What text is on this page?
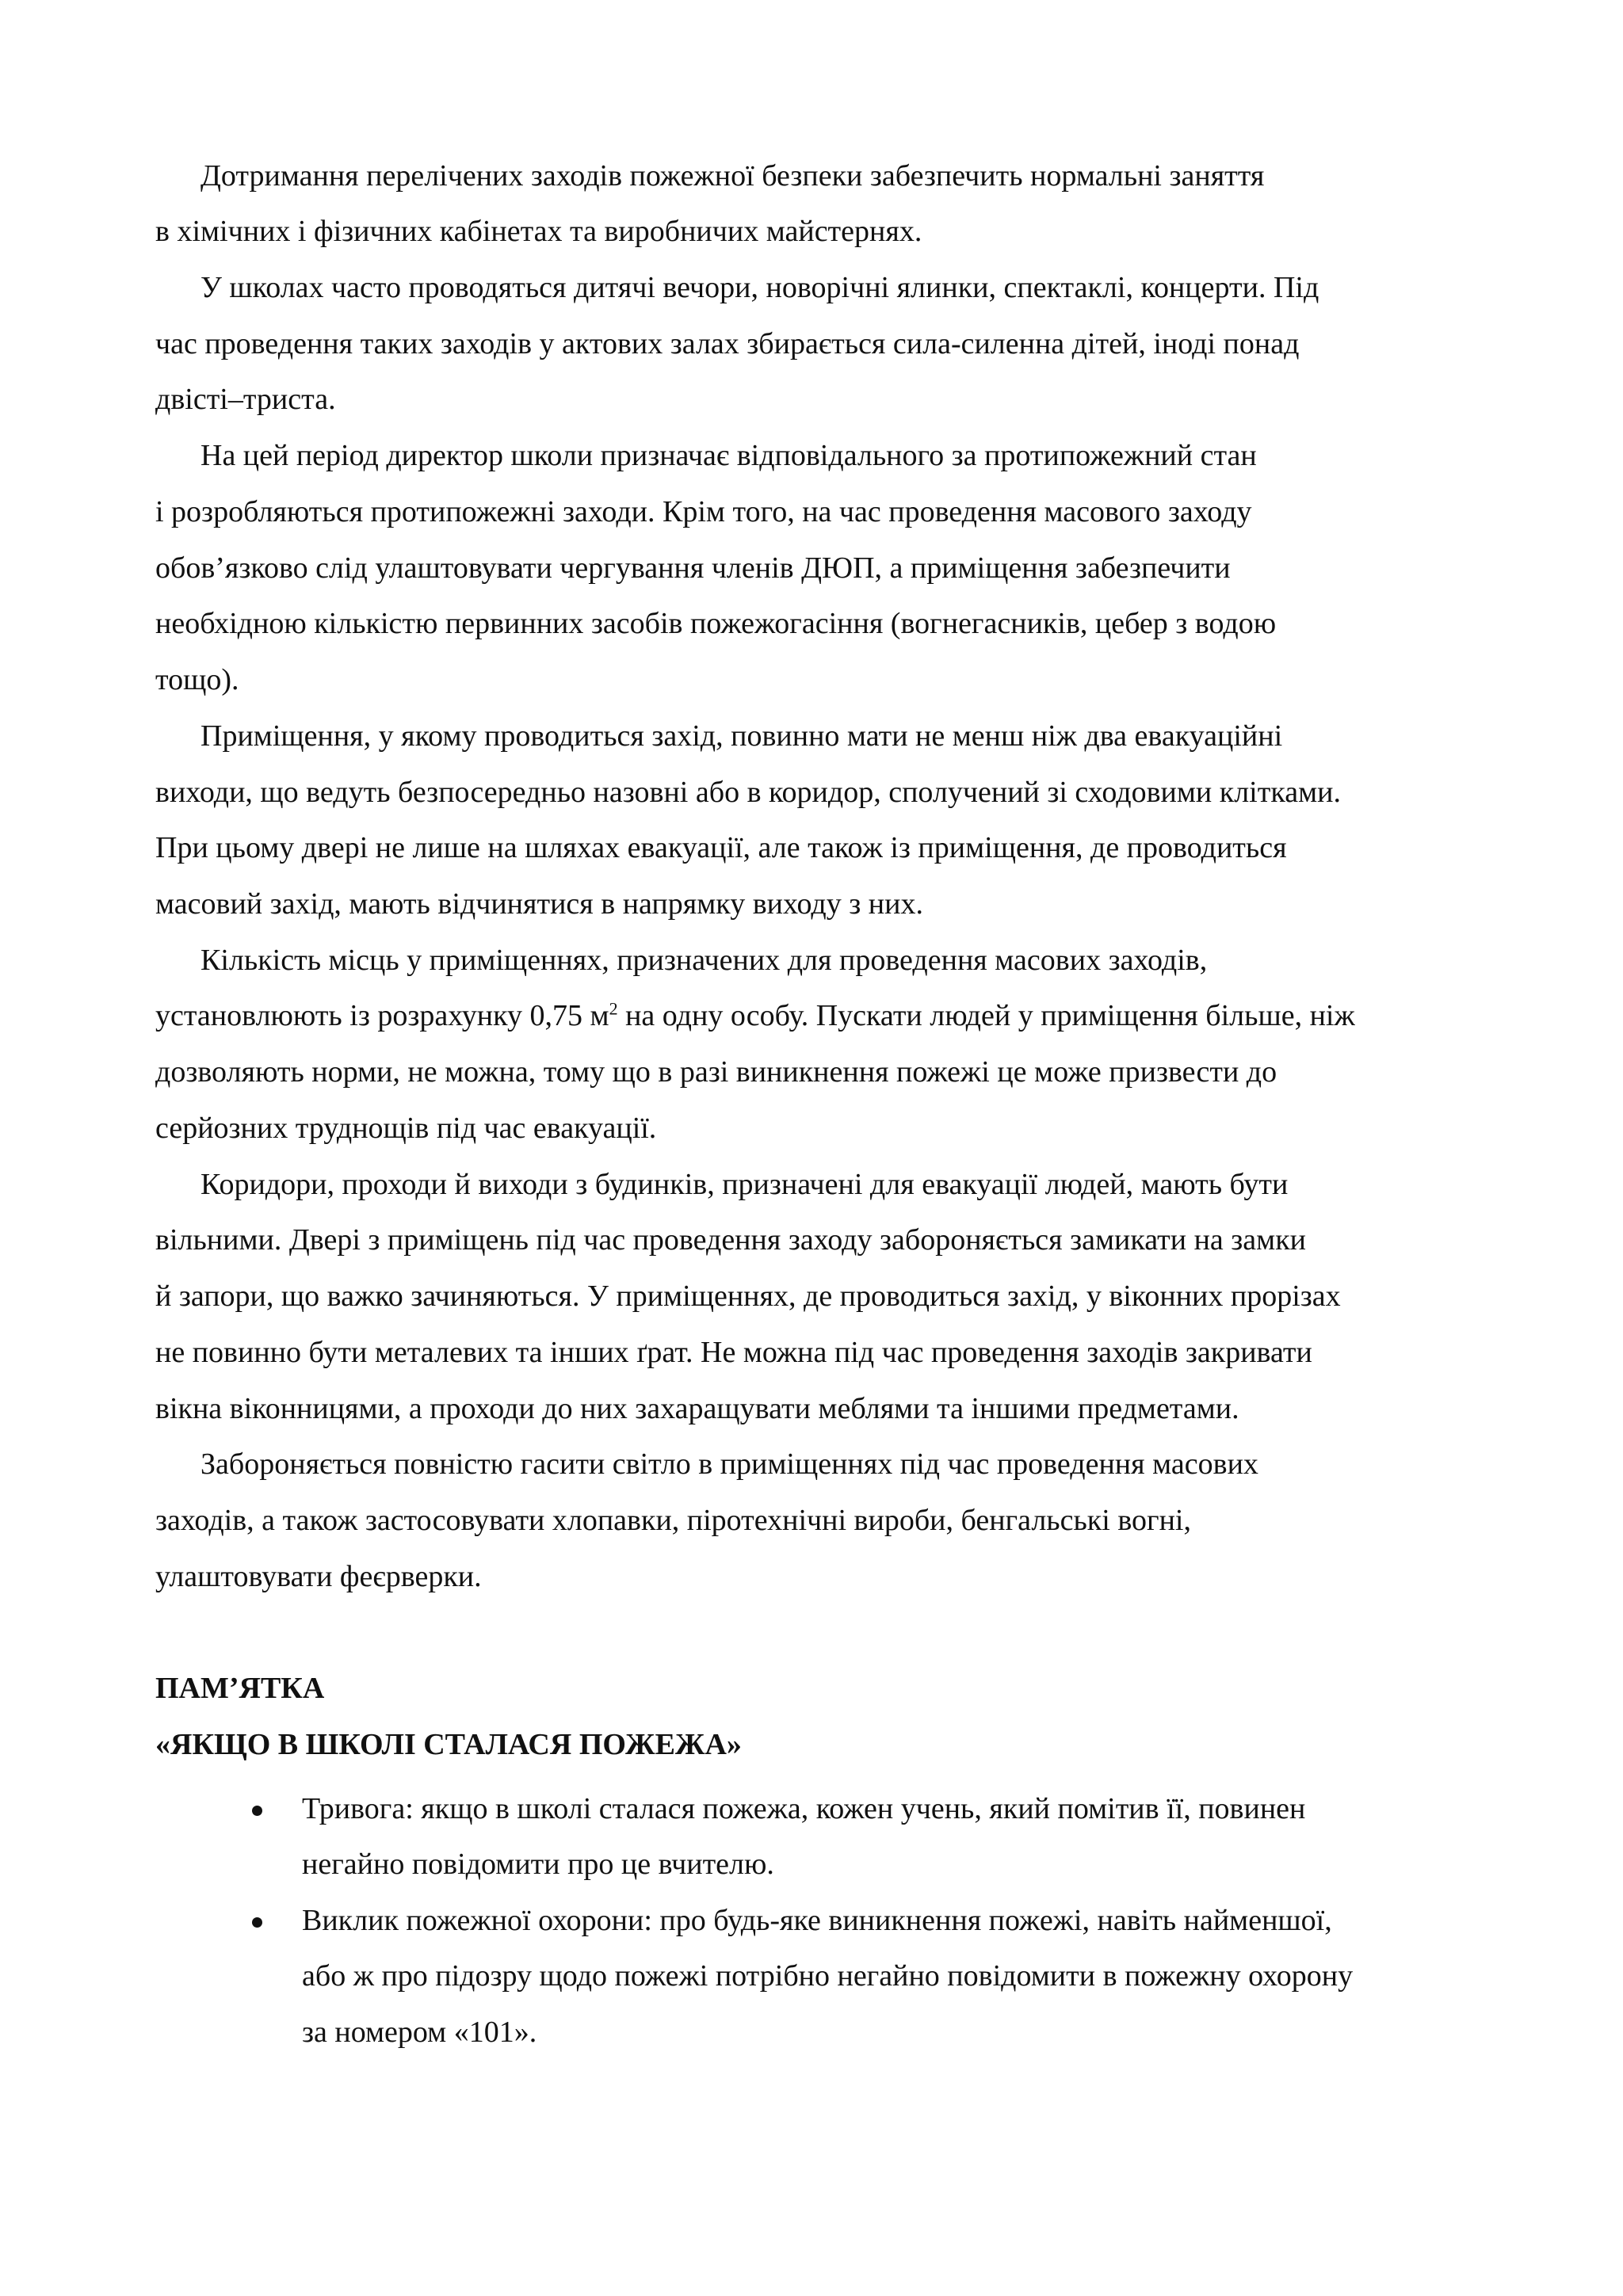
Дотримання перелічених заходів пожежної безпеки забезпечить нормальні заняття
в хімічних і фізичних кабінетах та виробничих майстернях.
У школах часто проводяться дитячі вечори, новорічні ялинки, спектаклі, концерти. Під
час проведення таких заходів у актових залах збирається сила-силенна дітей, іноді понад
двісті–триста.
На цей період директор школи призначає відповідального за протипожежний стан
і розробляються протипожежні заходи. Крім того, на час проведення масового заходу
обов’язково слід улаштовувати чергування членів ДЮП, а приміщення забезпечити
необхідною кількістю первинних засобів пожежогасіння (вогнегасників, цебер з водою
тощо).
Приміщення, у якому проводиться захід, повинно мати не менш ніж два евакуаційні
виходи, що ведуть безпосередньо назовні або в коридор, сполучений зі сходовими клітками.
При цьому двері не лише на шляхах евакуації, але також із приміщення, де проводиться
масовий захід, мають відчинятися в напрямку виходу з них.
Кількість місць у приміщеннях, призначених для проведення масових заходів,
установлюють із розрахунку 0,75 $м^2$ на одну особу. Пускати людей у приміщення більше, ніж
дозволяють норми, не можна, тому що в разі виникнення пожежі це може призвести до
серйозних труднощів під час евакуації.
Коридори, проходи й виходи з будинків, призначені для евакуації людей, мають бути
вільними. Двері з приміщень під час проведення заходу забороняється замикати на замки
й запори, що важко зачиняються. У приміщеннях, де проводиться захід, у віконних прорізах
не повинно бути металевих та інших ґрат. Не можна під час проведення заходів закривати
вікна віконницями, а проходи до них захаращувати меблями та іншими предметами.
Забороняється повністю гасити світло в приміщеннях під час проведення масових
заходів, а також застосовувати хлопавки, піротехнічні вироби, бенгальські вогні,
улаштовувати феєрверки.
ПАМ’ЯТКА
«ЯКЩО В ШКОЛІ СТАЛАСЯ ПОЖЕЖА»
Тривога: якщо в школі сталася пожежа, кожен учень, який помітив її, повинен
негайно повідомити про це вчителю.
Виклик пожежної охорони: про будь-яке виникнення пожежі, навіть найменшої,
або ж про підозру щодо пожежі потрібно негайно повідомити в пожежну охорону
за номером «101».
